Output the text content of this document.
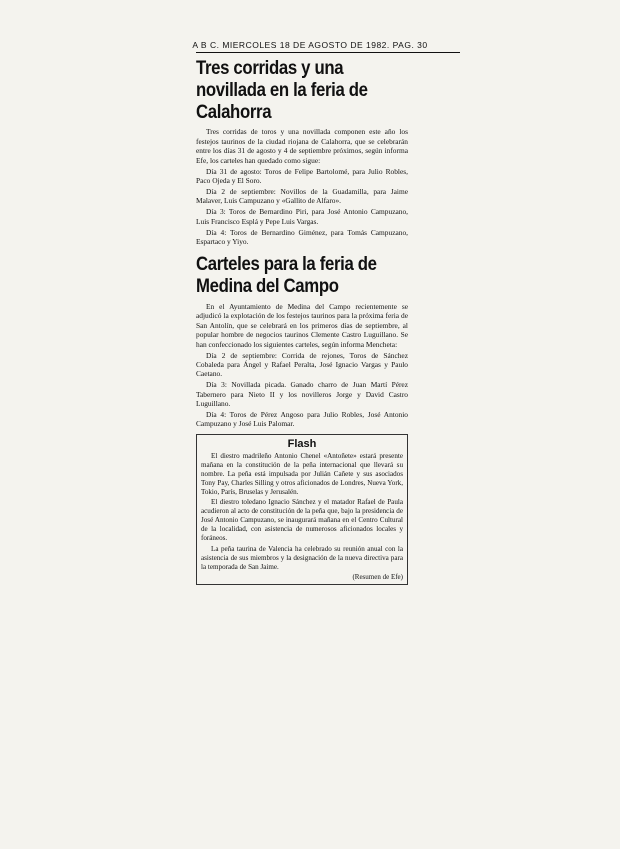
A B C. MIERCOLES 18 DE AGOSTO DE 1982. PAG. 30
Tres corridas y una novillada en la feria de Calahorra

Tres corridas de toros y una novillada componen este año los festejos taurinos de la ciudad riojana de Calahorra, que se celebrarán entre los días 31 de agosto y 4 de septiembre próximos, según informa Efe, los carteles han quedado como sigue:

Día 31 de agosto: Toros de Felipe Bartolomé, para Julio Robles, Paco Ojeda y El Soro.

Día 2 de septiembre: Novillos de la Guadamilla, para Jaime Malaver, Luis Campuzano y «Gallito de Alfaro».

Día 3: Toros de Bernardino Piri, para José Antonio Campuzano, Luis Francisco Esplá y Pepe Luis Vargas.

Día 4: Toros de Bernardino Giménez, para Tomás Campuzano, Espartaco y Yiyo.

Carteles para la feria de Medina del Campo

En el Ayuntamiento de Medina del Campo recientemente se adjudicó la explotación de los festejos taurinos para la próxima feria de San Antolín, que se celebrará en los primeros días de septiembre, al popular hombre de negocios taurinos Clemente Castro Luguillano. Se han confeccionado los siguientes carteles, según informa Mencheta:

Día 2 de septiembre: Corrida de rejones, Toros de Sánchez Cobaleda para Ángel y Rafael Peralta, José Ignacio Vargas y Paulo Caetano.

Día 3: Novillada picada. Ganado charro de Juan Martí Pérez Tabernero para Nieto II y los novilleros Jorge y David Castro Luguillano.

Día 4: Toros de Pérez Angoso para Julio Robles, José Antonio Campuzano y José Luis Palomar.

Flash

El diestro madrileño Antonio Chenel «Antoñete» estará presente mañana en la constitución de la peña internacional que llevará su nombre. La peña está impulsada por Julián Cañete y sus asociados Tony Pay, Charles Silling y otros aficionados de Londres, Nueva York, Tokio, París, Bruselas y Jerusalén.

El diestro toledano Ignacio Sánchez y el matador Rafael de Paula acudieron al acto de constitución de la peña que, bajo la presidencia de José Antonio Campuzano, se inaugurará mañana en el Centro Cultural de la localidad, con asistencia de numerosos aficionados locales y foráneos.

La peña taurina de Valencia ha celebrado su reunión anual con la asistencia de sus miembros y la designación de la nueva directiva para la temporada de San Jaime.

(Resumen de Efe)
